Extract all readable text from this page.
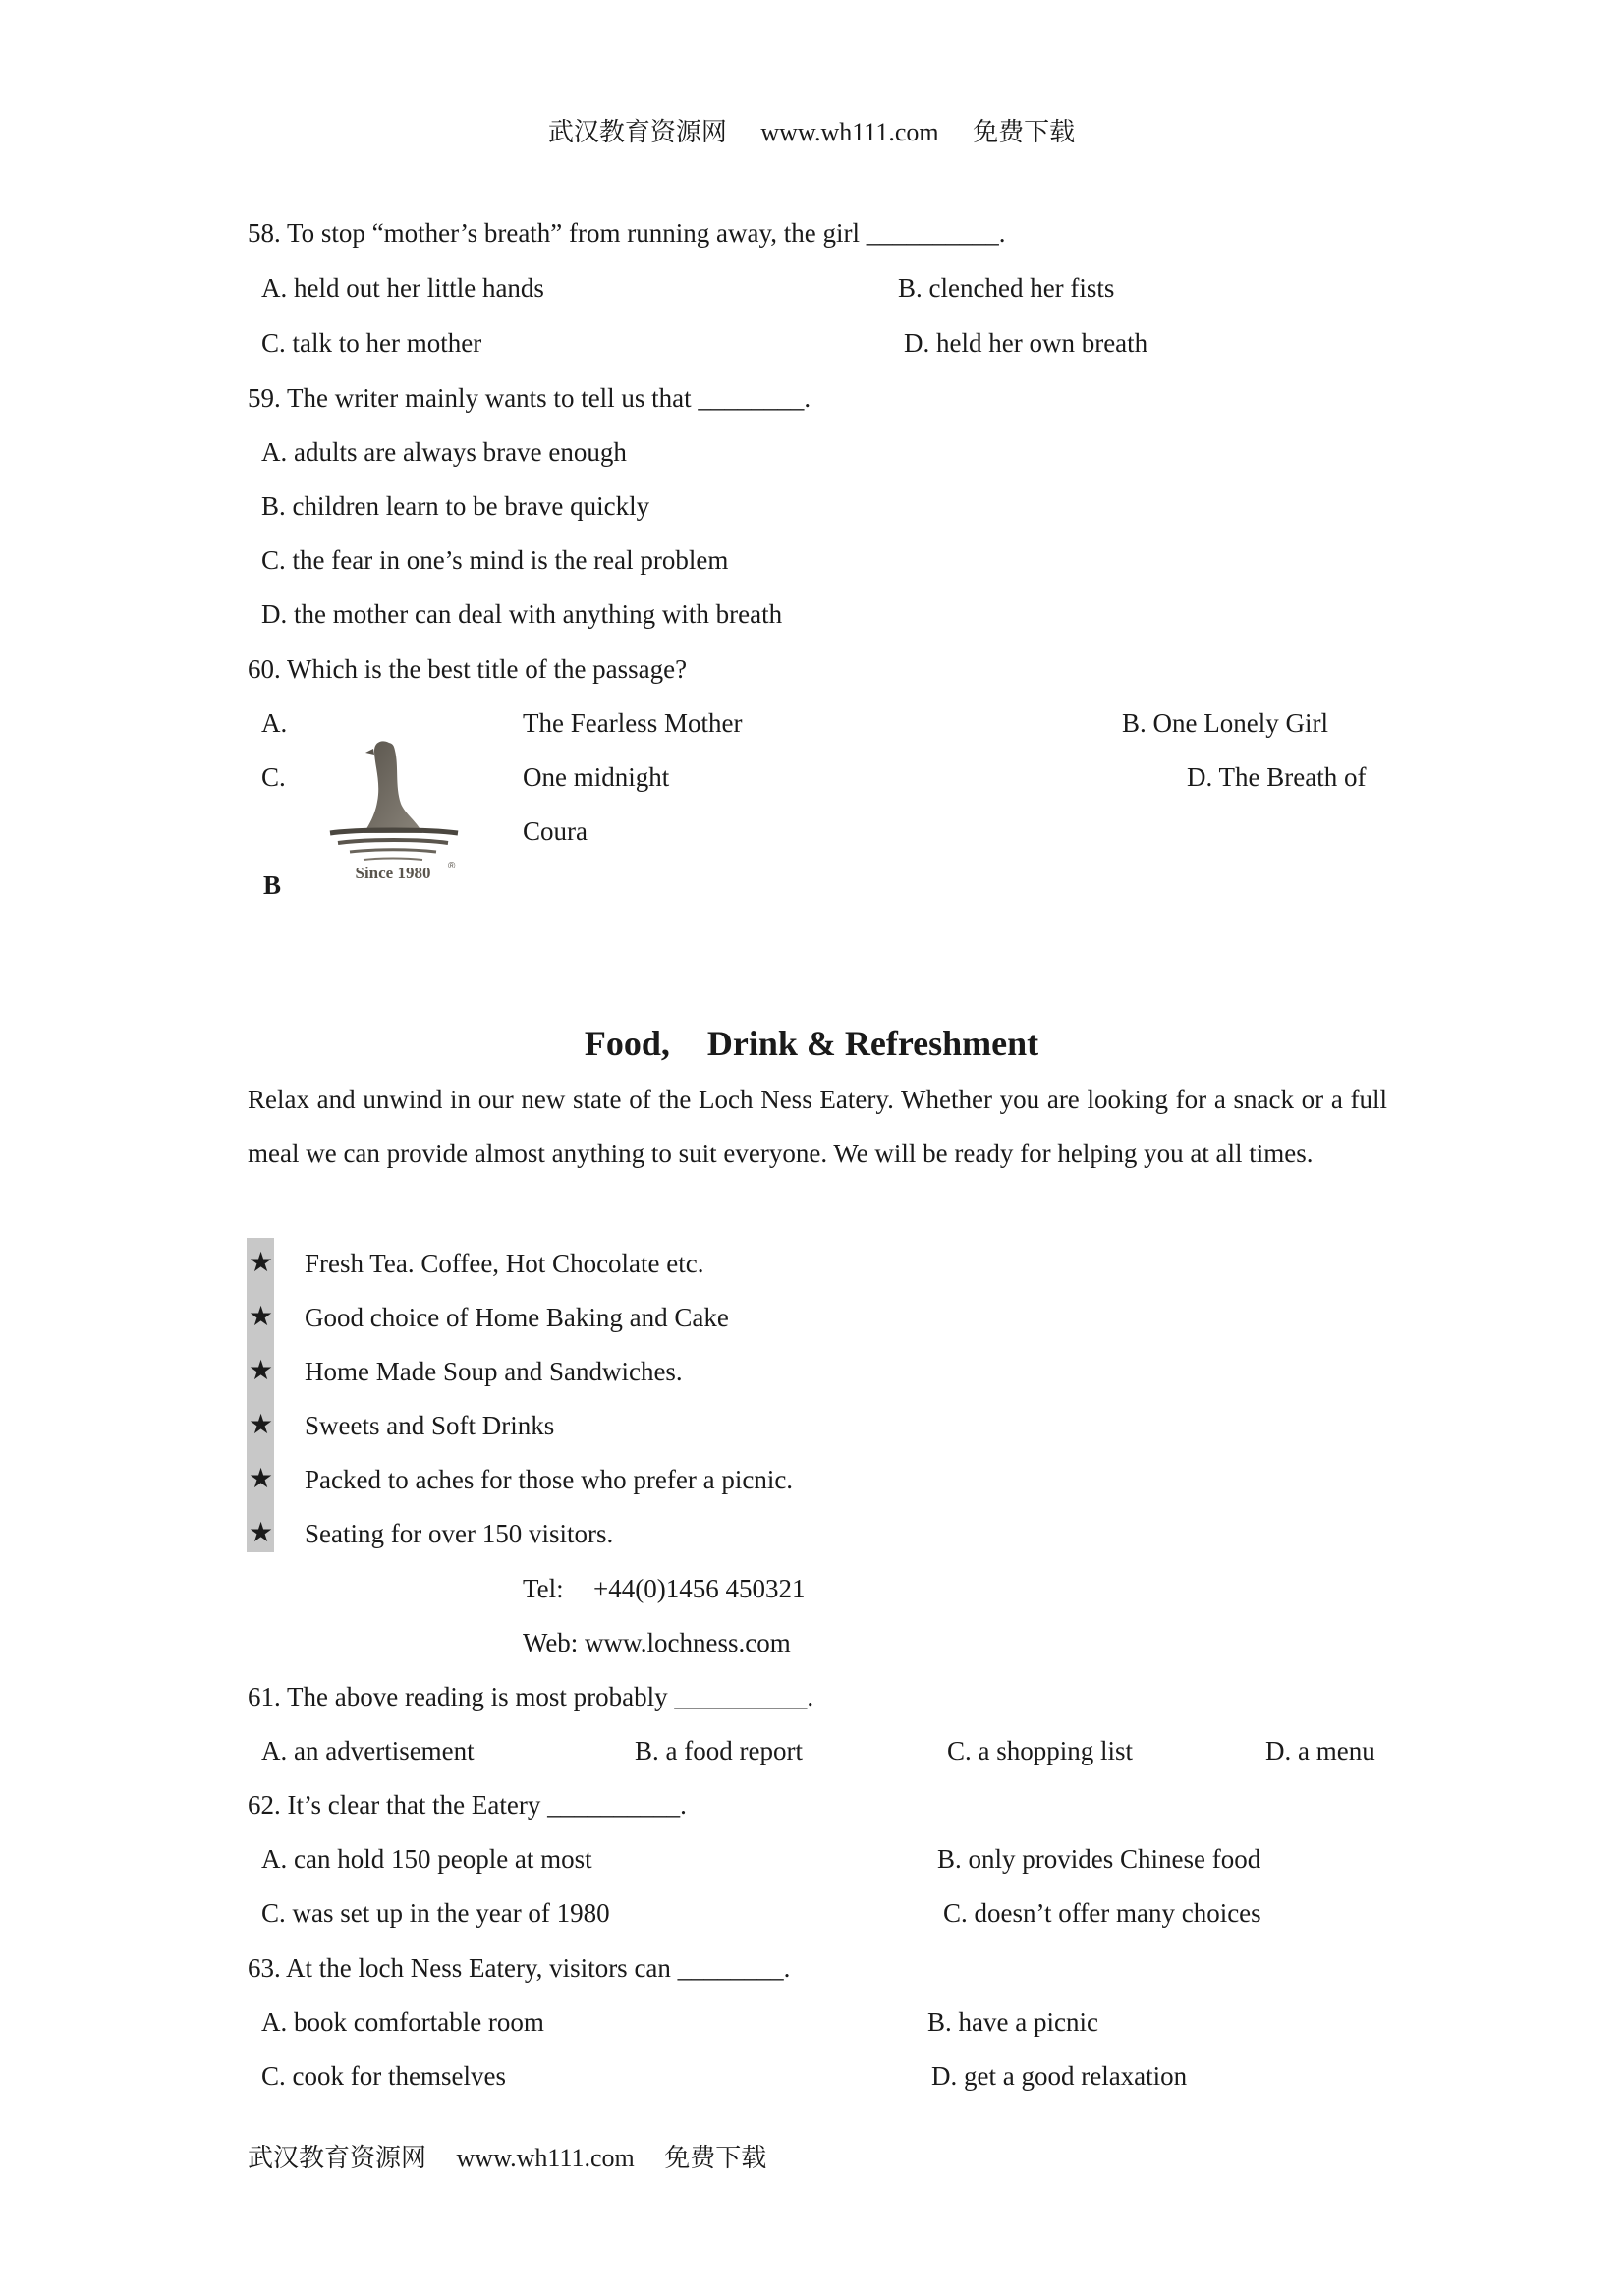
武汉教育资源网 www.wh111.com 免费下载
58. To stop “mother’s breath” from running away, the girl __________.
A. held out her little hands	B. clenched her fists
C. talk to her mother	D. held her own breath
59. The writer mainly wants to tell us that ________.
A. adults are always brave enough
B. children learn to be brave quickly
C. the fear in one’s mind is the real problem
D. the mother can deal with anything with breath
60. Which is the best title of the passage?
A.	The Fearless Mother	B. One Lonely Girl
C.	One midnight	D. The Breath of
Coura
Since 1980 ®
B
Food, Drink & Refreshment
Relax and unwind in our new state of the Loch Ness Eatery. Whether you are looking for a snack or a full meal we can provide almost anything to suit everyone. We will be ready for helping you at all times.
★ Fresh Tea. Coffee, Hot Chocolate etc.
★ Good choice of Home Baking and Cake
★ Home Made Soup and Sandwiches.
★ Sweets and Soft Drinks
★ Packed to aches for those who prefer a picnic.
★ Seating for over 150 visitors.
Tel: +44(0)1456 450321
Web: www.lochness.com
61. The above reading is most probably __________.
A. an advertisement	B. a food report	C. a shopping list	D. a menu
62. It’s clear that the Eatery __________.
A. can hold 150 people at most	B. only provides Chinese food
C. was set up in the year of 1980	C. doesn’t offer many choices
63. At the loch Ness Eatery, visitors can ________.
A. book comfortable room	B. have a picnic
C. cook for themselves	D. get a good relaxation
武汉教育资源网 www.wh111.com 免费下载
